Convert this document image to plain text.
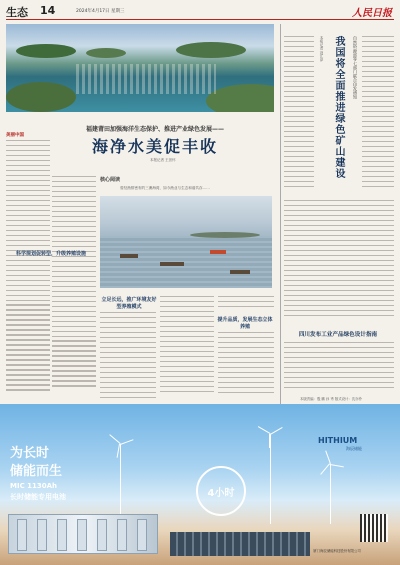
生态 14	2024年4月17日 星期三	人民日报
美丽中国
福建莆田加强海洋生态保护、推进产业绿色发展——
海净水美促丰收
本报记者 王崇怀
科学规划促转型，升级养殖设施
核心阅读
曾经渔排密布的三澳海湾，如今渔业与生态和谐共存……
立足长远，推广环境友好型养殖模式
提升品质，发展生态立体养殖
自然资源部等七部门联合印发通知
我国将全面推进绿色矿山建设
本报记者 寇江泽
四川发布工业产品绿色设计指南
本版责编：殷 鹏 孙 秀 版式设计：沈亦伶
为长时
储能而生
MIC 1130Ah
长时储能专用电池
HITHIUM
海辰储能
4小时
厦门海辰储能科技股份有限公司
